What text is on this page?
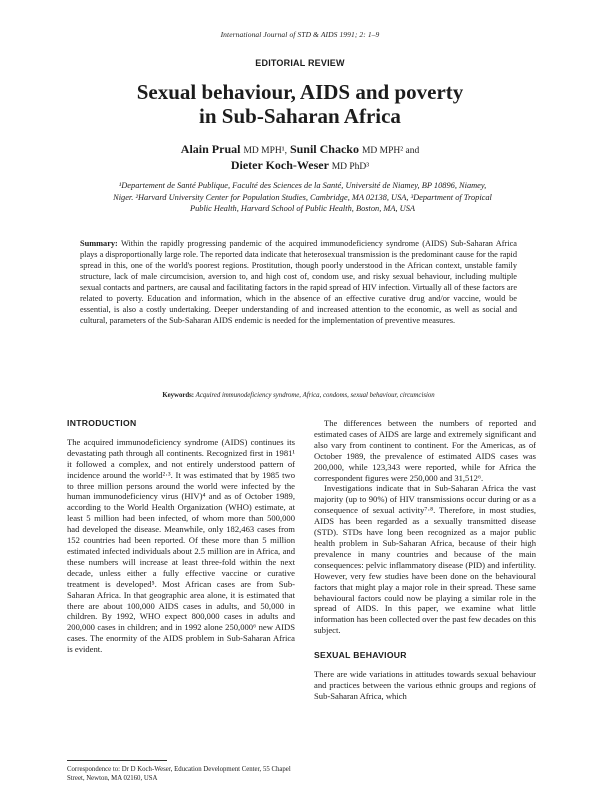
International Journal of STD & AIDS 1991; 2: 1–9
EDITORIAL REVIEW
Sexual behaviour, AIDS and poverty
in Sub-Saharan Africa
Alain Prual MD MPH¹, Sunil Chacko MD MPH² and
Dieter Koch-Weser MD PhD³
¹Departement de Santé Publique, Faculté des Sciences de la Santé, Université de Niamey, BP 10896, Niamey, Niger. ²Harvard University Center for Population Studies, Cambridge, MA 02138, USA, ³Department of Tropical Public Health, Harvard School of Public Health, Boston, MA, USA
Summary: Within the rapidly progressing pandemic of the acquired immunodeficiency syndrome (AIDS) Sub-Saharan Africa plays a disproportionally large role. The reported data indicate that heterosexual transmission is the predominant cause for the rapid spread in this, one of the world's poorest regions. Prostitution, though poorly understood in the African context, unstable family structure, lack of male circumcision, aversion to, and high cost of, condom use, and risky sexual behaviour, including multiple sexual contacts and partners, are causal and facilitating factors in the rapid spread of HIV infection. Virtually all of these factors are related to poverty. Education and information, which in the absence of an effective curative drug and/or vaccine, would be essential, is also a costly undertaking. Deeper understanding of and increased attention to the economic, as well as social and cultural, parameters of the Sub-Saharan AIDS endemic is needed for the implementation of preventive measures.
Keywords: Acquired immunodeficiency syndrome, Africa, condoms, sexual behaviour, circumcision
INTRODUCTION

The acquired immunodeficiency syndrome (AIDS) continues its devastating path through all continents. Recognized first in 1981¹ it followed a complex, and not entirely understood pattern of incidence around the world²·³. It was estimated that by 1985 two to three million persons around the world were infected by the human immunodeficiency virus (HIV)⁴ and as of October 1989, according to the World Health Organization (WHO) estimate, at least 5 million had been infected, of whom more than 500,000 had developed the disease. Meanwhile, only 182,463 cases from 152 countries had been reported. Of these more than 5 million estimated infected individuals about 2.5 million are in Africa, and these numbers will increase at least three-fold within the next decade, unless either a fully effective vaccine or curative treatment is developed⁵. Most African cases are from Sub-Saharan Africa. In that geographic area alone, it is estimated that there are about 100,000 AIDS cases in adults, and 50,000 in children. By 1992, WHO expect 800,000 cases in adults and 200,000 cases in children; and in 1992 alone 250,000⁶ new AIDS cases. The enormity of the AIDS problem in Sub-Saharan Africa is evident.

The differences between the numbers of reported and estimated cases of AIDS are large and extremely significant and also vary from continent to continent. For the Americas, as of October 1989, the prevalence of estimated AIDS cases was 200,000, while 123,343 were reported, while for Africa the correspondent figures were 250,000 and 31,512⁶.

Investigations indicate that in Sub-Saharan Africa the vast majority (up to 90%) of HIV transmissions occur during or as a consequence of sexual activity⁷·⁸. Therefore, in most studies, AIDS has been regarded as a sexually transmitted disease (STD). STDs have long been recognized as a major public health problem in Sub-Saharan Africa, because of their high prevalence in many countries and because of the main consequences: pelvic inflammatory disease (PID) and infertility. However, very few studies have been done on the behavioural factors that might play a major role in their spread. These same behavioural factors could now be playing a similar role in the spread of AIDS. In this paper, we examine what little information has been collected over the past few decades on this subject.

SEXUAL BEHAVIOUR

There are wide variations in attitudes towards sexual behaviour and practices between the various ethnic groups and regions of Sub-Saharan Africa, which

Correspondence to: Dr D Koch-Weser, Education Development Center, 55 Chapel Street, Newton, MA 02160, USA
